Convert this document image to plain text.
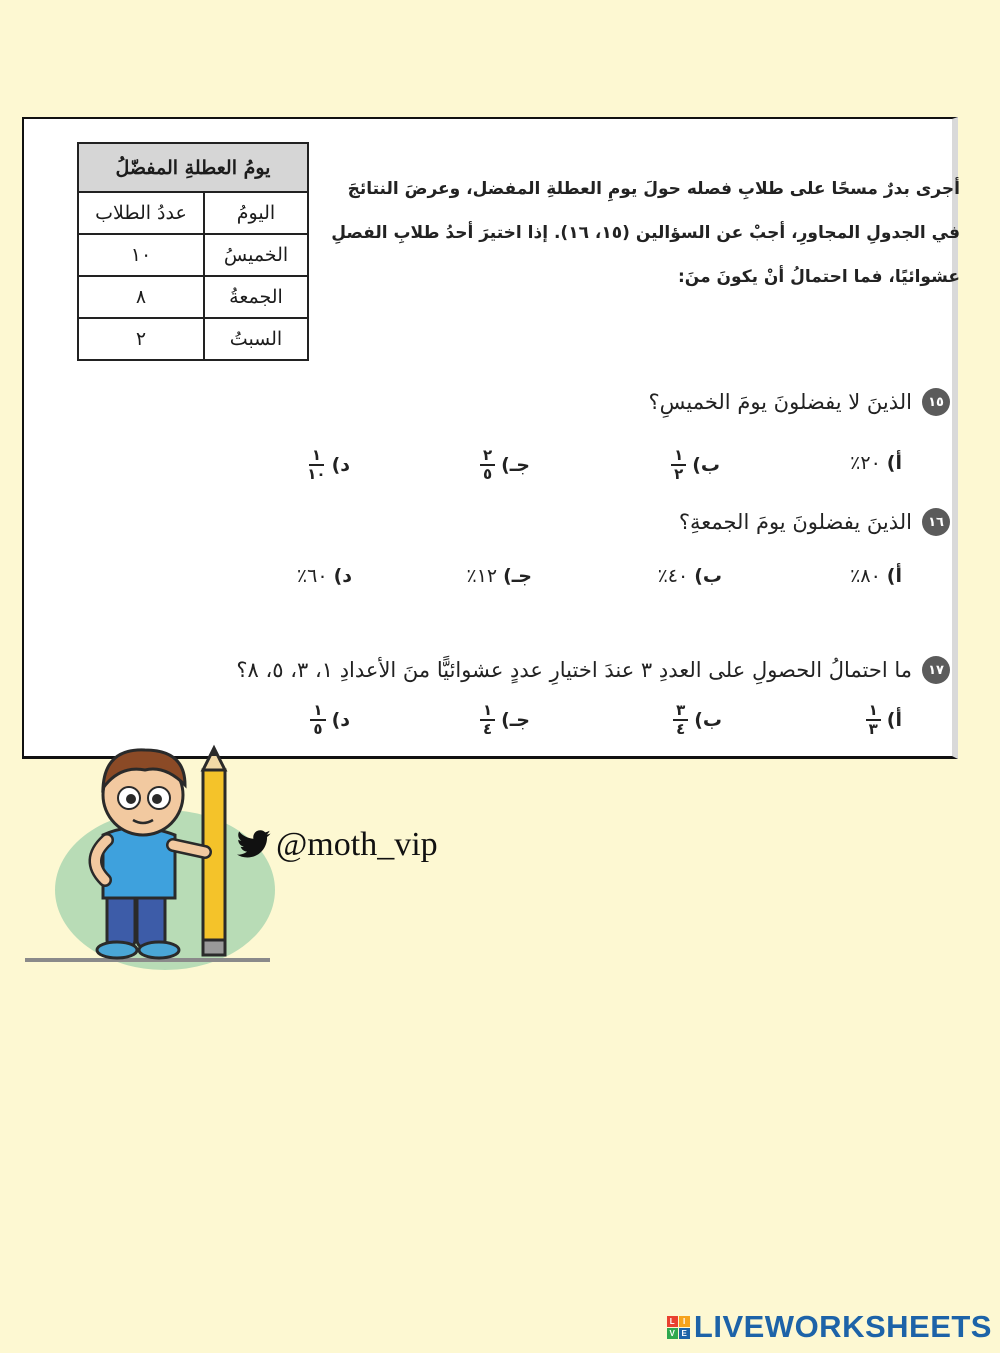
أجرى بدرٌ مسحًا على طلابِ فصله حولَ يومِ العطلةِ المفضل، وعرضَ النتائجَ في الجدولِ المجاورِ، أجبْ عن السؤالين (١٥، ١٦). إذا اختيرَ أحدُ طلابِ الفصلِ عشوائيًا، فما احتمالُ أنْ يكونَ منَ:

يومُ العطلةِ المفضّلُ	
اليومُ	عددُ الطلاب
الخميسُ	١٠
الجمعةُ	٨
السبتُ	٢
١٥
الذينَ لا يفضلونَ يومَ الخميسِ؟
أ)
٢٠٪
ب)
$\frac{١}{٢}$
جـ)
$\frac{٢}{٥}$
د)
$\frac{١}{١٠}$
١٦
الذينَ يفضلونَ يومَ الجمعةِ؟
أ)
٨٠٪
ب)
٤٠٪
جـ)
١٢٪
د)
٦٠٪
١٧
ما احتمالُ الحصولِ على العددِ ٣ عندَ اختيارِ عددٍ عشوائيًّا منَ الأعدادِ ١، ٣، ٥، ٨؟
أ)
$\frac{١}{٣}$
ب)
$\frac{٣}{٤}$
جـ)
$\frac{١}{٤}$
د)
$\frac{١}{٥}$
@moth_vip
L I
V E LIVEWORKSHEETS
